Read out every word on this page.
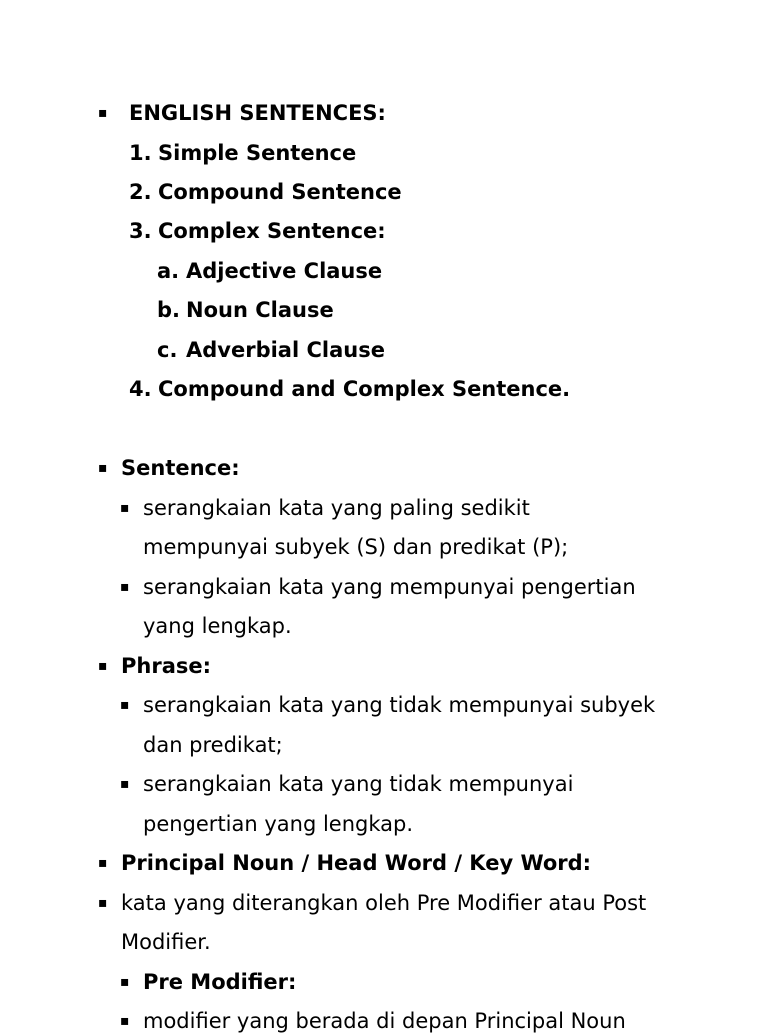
▪ ENGLISH SENTENCES:
1. Simple Sentence
2. Compound Sentence
3. Complex Sentence:
a. Adjective Clause
b. Noun Clause
c. Adverbial Clause
4. Compound and Complex Sentence.
▪ Sentence:
▪ serangkaian kata yang paling sedikit
mempunyai subyek (S) dan predikat (P);
▪ serangkaian kata yang mempunyai pengertian
yang lengkap.
▪ Phrase:
▪ serangkaian kata yang tidak mempunyai subyek
dan predikat;
▪ serangkaian kata yang tidak mempunyai
pengertian yang lengkap.
▪ Principal Noun / Head Word / Key Word:
▪ kata yang diterangkan oleh Pre Modifier atau Post
Modifier.
▪ Pre Modifier:
▪ modifier yang berada di depan Principal Noun
